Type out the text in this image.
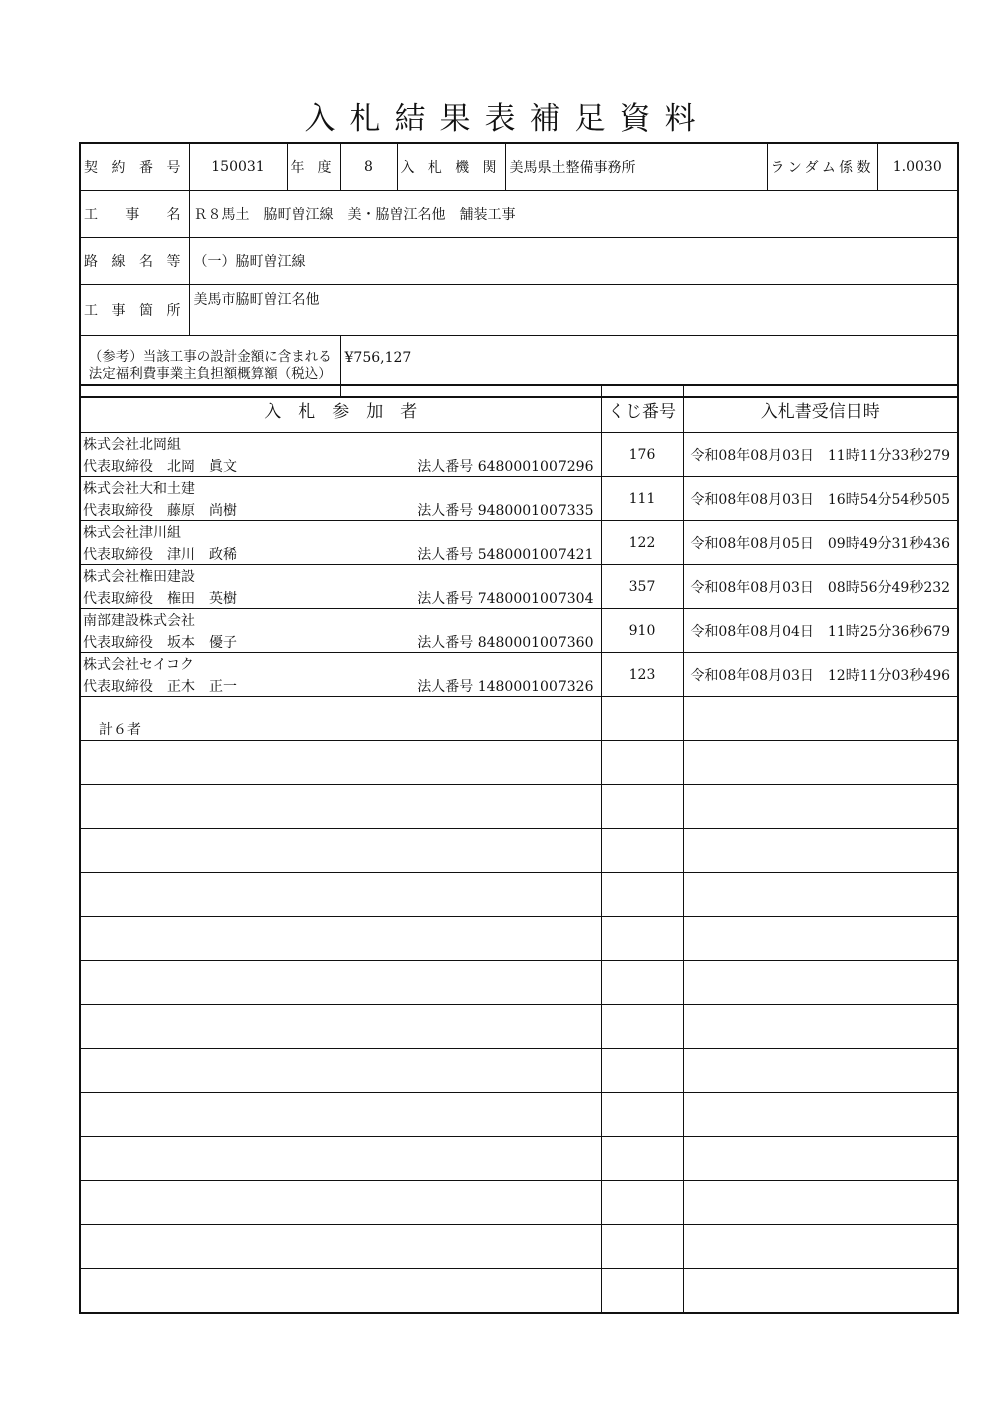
入札結果表補足資料
契約番号	150031	年度	8	入札機関	美馬県土整備事務所	ランダム係数	1.0030
工事名	Ｒ８馬土　脇町曽江線　美・脇曽江名他　舗装工事						
路線名等	（一）脇町曽江線						
工事箇所	美馬市脇町曽江名他						

（参考）当該工事の設計金額に含まれる
法定福利費事業主負担額概算額（税込）			¥756,127				
入　札　参　加　者	くじ番号	入札書受信日時

株式会社北岡組
代表取締役　北岡　眞文 法人番号 6480001007296	176	令和08年08月03日　11時11分33秒279

株式会社大和土建
代表取締役　藤原　尚樹 法人番号 9480001007335	111	令和08年08月03日　16時54分54秒505

株式会社津川組
代表取締役　津川　政稀 法人番号 5480001007421	122	令和08年08月05日　09時49分31秒436

株式会社権田建設
代表取締役　権田　英樹 法人番号 7480001007304	357	令和08年08月03日　08時56分49秒232

南部建設株式会社
代表取締役　坂本　優子 法人番号 8480001007360	910	令和08年08月04日　11時25分36秒679

株式会社セイコク
代表取締役　正木　正一 法人番号 1480001007326	123	令和08年08月03日　12時11分03秒496

計６者		
